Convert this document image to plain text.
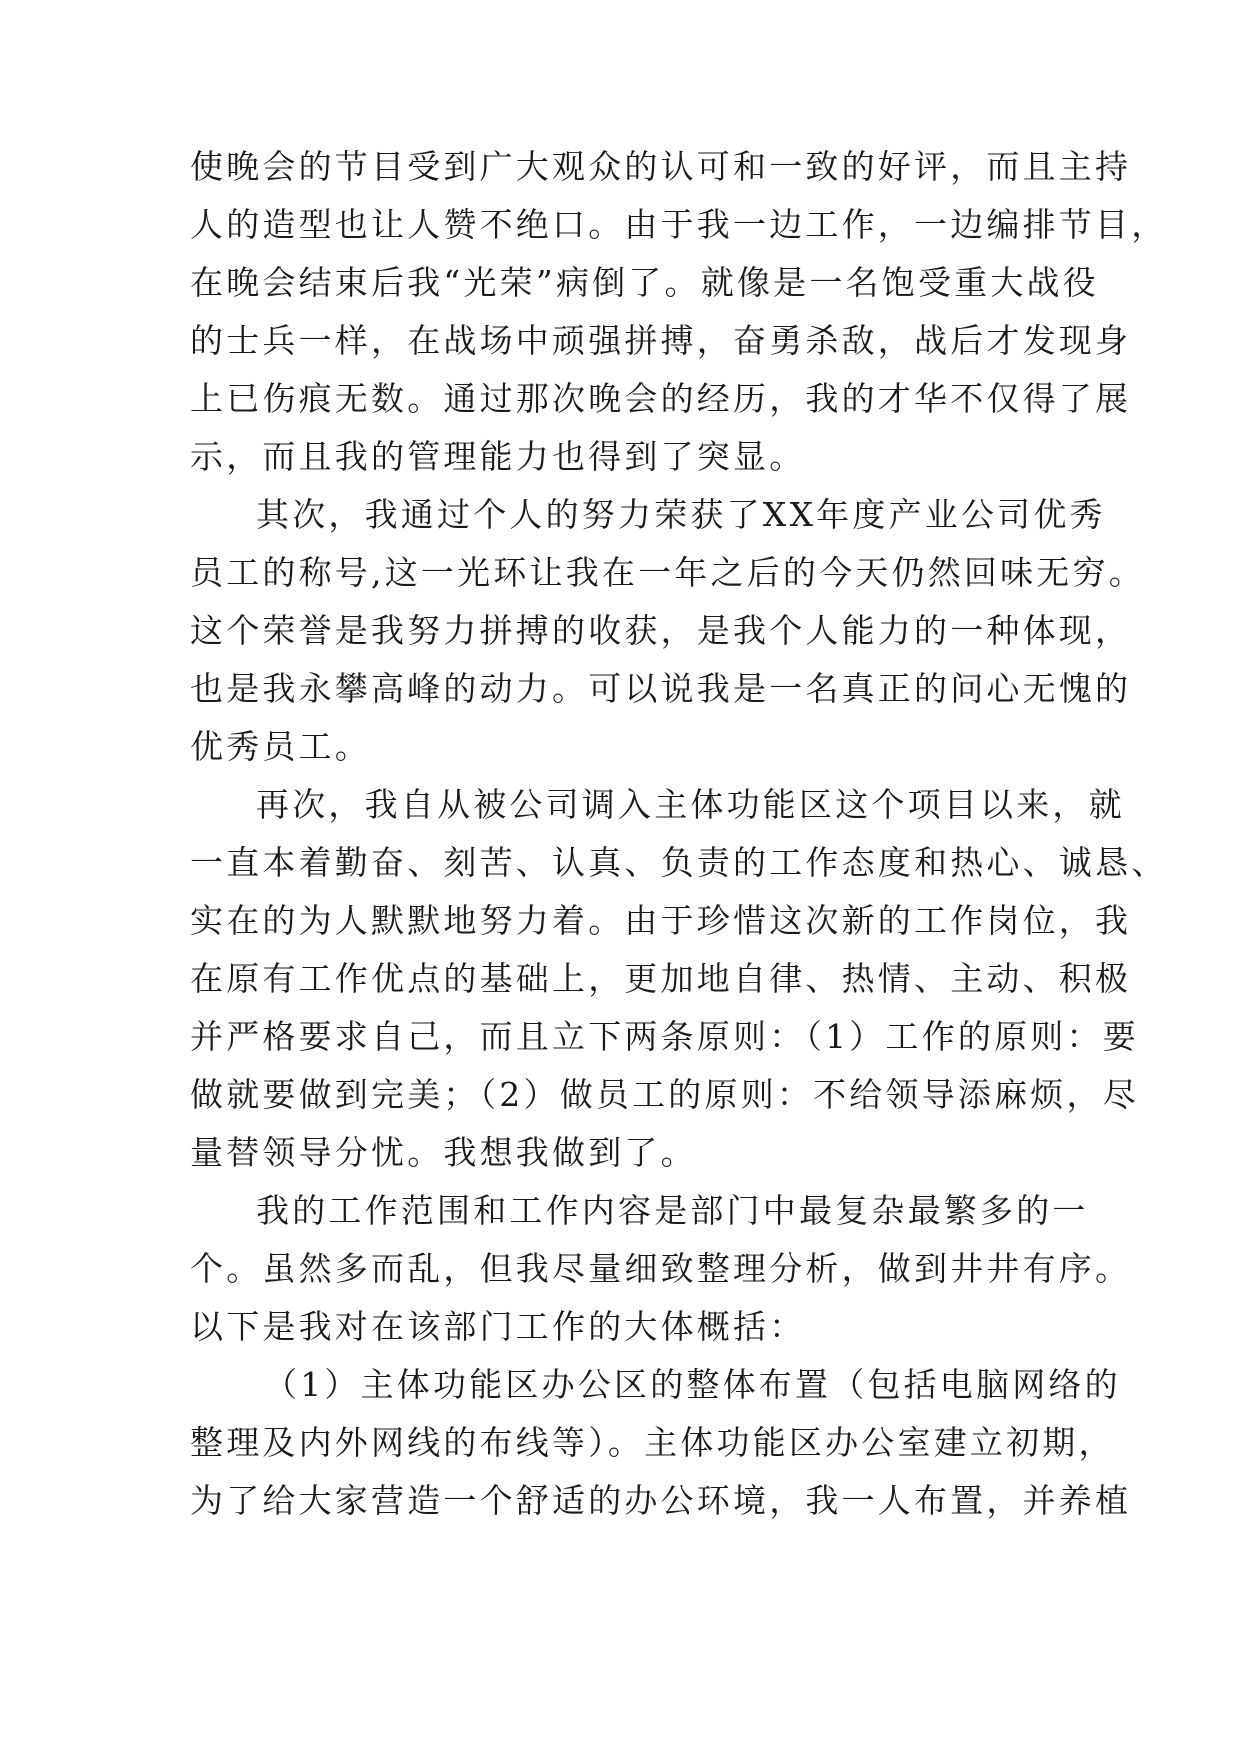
使晚会的节目受到广大观众的认可和一致的好评，而且主持
人的造型也让人赞不绝口。由于我一边工作，一边编排节目，
在晚会结束后我“光荣”病倒了。就像是一名饱受重大战役
的士兵一样，在战场中顽强拼搏，奋勇杀敌，战后才发现身
上已伤痕无数。通过那次晚会的经历，我的才华不仅得了展
示，而且我的管理能力也得到了突显。

其次，我通过个人的努力荣获了XX年度产业公司优秀
员工的称号,这一光环让我在一年之后的今天仍然回味无穷。
这个荣誉是我努力拼搏的收获，是我个人能力的一种体现，
也是我永攀高峰的动力。可以说我是一名真正的问心无愧的
优秀员工。

再次，我自从被公司调入主体功能区这个项目以来，就
一直本着勤奋、刻苦、认真、负责的工作态度和热心、诚恳、
实在的为人默默地努力着。由于珍惜这次新的工作岗位，我
在原有工作优点的基础上，更加地自律、热情、主动、积极
并严格要求自己，而且立下两条原则：（1）工作的原则：要
做就要做到完美；（2）做员工的原则：不给领导添麻烦，尽
量替领导分忧。我想我做到了。

我的工作范围和工作内容是部门中最复杂最繁多的一
个。虽然多而乱，但我尽量细致整理分析，做到井井有序。
以下是我对在该部门工作的大体概括：

（1）主体功能区办公区的整体布置（包括电脑网络的
整理及内外网线的布线等）。主体功能区办公室建立初期，
为了给大家营造一个舒适的办公环境，我一人布置，并养植
